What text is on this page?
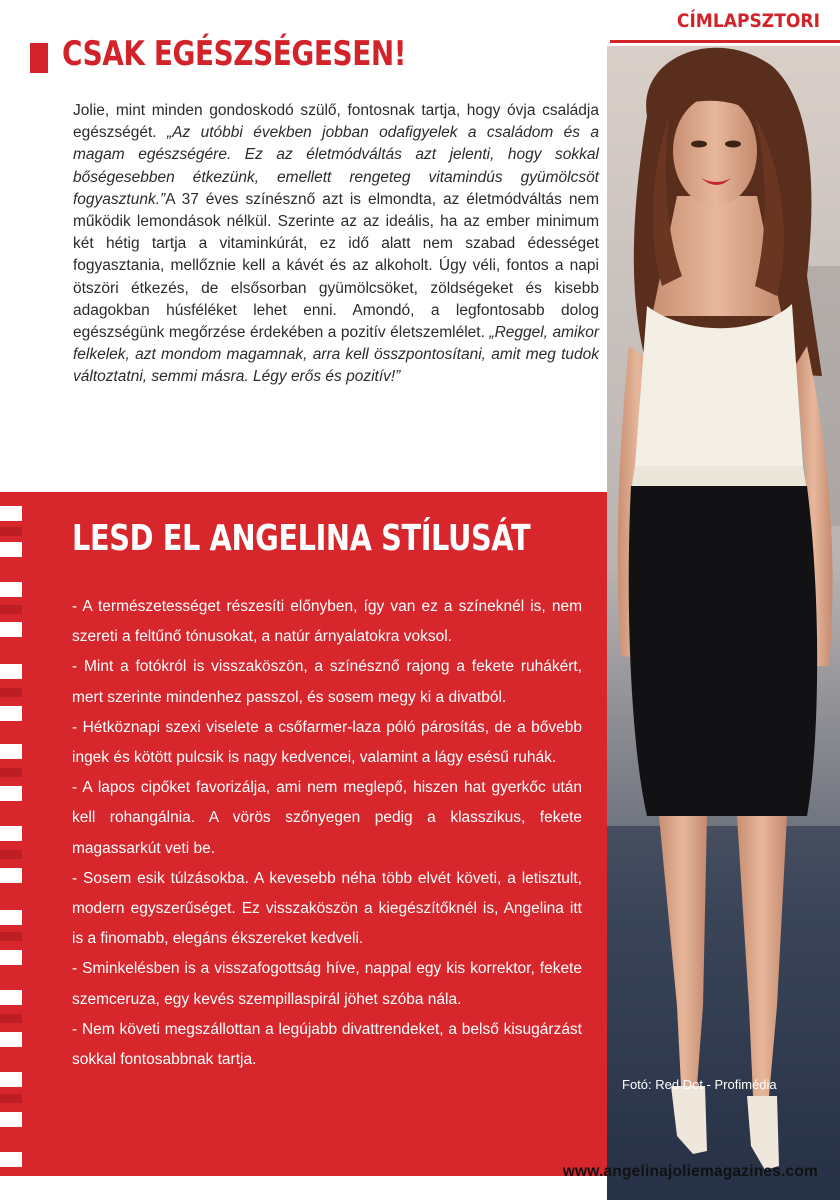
CSAK EGÉSZSÉGESEN!
CÍMLAPSZTORI

Jolie, mint minden gondoskodó szülő, fontosnak tartja, hogy óvja családja egészségét. „Az utóbbi években jobban odafigyelek a családom és a magam egészségére. Ez az életmódváltás azt jelenti, hogy sokkal bőségesebben étkezünk, emellett rengeteg vitamindús gyümölcsöt fogyasztunk.”A 37 éves színésznő azt is elmondta, az életmódváltás nem működik lemondások nélkül. Szerinte az az ideális, ha az ember minimum két hétig tartja a vitaminkúrát, ez idő alatt nem szabad édességet fogyasztania, mellőznie kell a kávét és az alkoholt. Úgy véli, fontos a napi ötszöri étkezés, de elsősorban gyümölcsöket, zöldségeket és kisebb adagokban húsféléket lehet enni. Amondó, a legfontosabb dolog egészségünk megőrzése érdekében a pozitív életszemlélet. „Reggel, amikor felkelek, azt mondom magamnak, arra kell összpontosítani, amit meg tudok változtatni, semmi másra. Légy erős és pozitív!”

Fotó: Red Dot - Profimédia

LESD EL ANGELINA STÍLUSÁT
- A természetességet részesíti előnyben, így van ez a színeknél is, nem szereti a feltűnő tónusokat, a natúr árnyalatokra voksol.
- Mint a fotókról is visszaköszön, a színésznő rajong a fekete ruhákért, mert szerinte mindenhez passzol, és sosem megy ki a divatból.
- Hétköznapi szexi viselete a csőfarmer-laza póló párosítás, de a bővebb ingek és kötött pulcsik is nagy kedvencei, valamint a lágy esésű ruhák.
- A lapos cipőket favorizálja, ami nem meglepő, hiszen hat gyerkőc után kell rohangálnia. A vörös szőnyegen pedig a klasszikus, fekete magassarkút veti be.
- Sosem esik túlzásokba. A kevesebb néha több elvét követi, a letisztult, modern egyszerűséget. Ez visszaköszön a kiegészítőknél is, Angelina itt is a finomabb, elegáns ékszereket kedveli.
- Sminkelésben is a visszafogottság híve, nappal egy kis korrektor, fekete szemceruza, egy kevés szempillaspirál jöhet szóba nála.
- Nem követi megszállottan a legújabb divattrendeket, a belső kisugárzást sokkal fontosabbnak tartja.

www.angelinajoliemagazines.com
